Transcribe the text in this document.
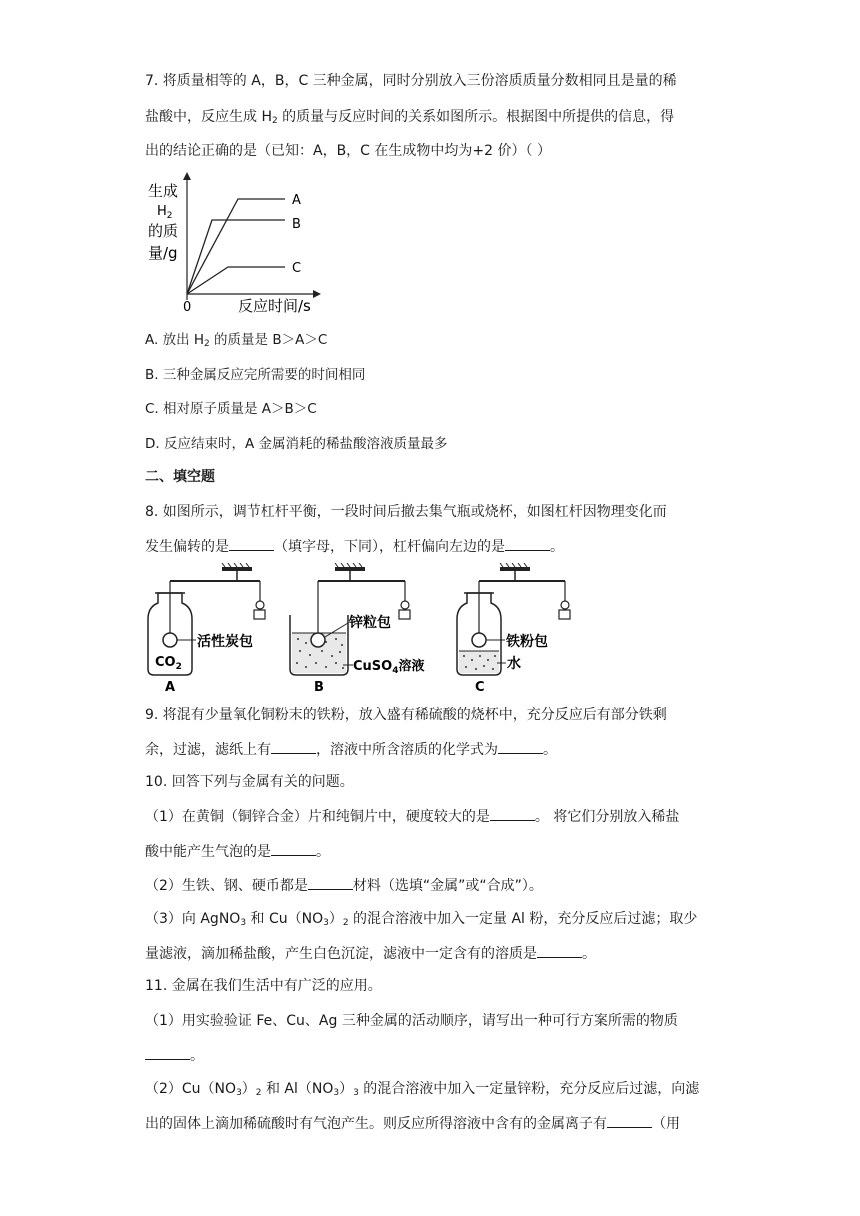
7. 将质量相等的 A，B，C 三种金属，同时分别放入三份溶质质量分数相同且是量的稀
盐酸中，反应生成 $H_2$ 的质量与反应时间的关系如图所示。根据图中所提供的信息，得
出的结论正确的是（已知：A，B，C 在生成物中均为+2 价）（ ）
生成
$H_2$
的质
量/g
0	反应时间/s
A
B
C
A. 放出 $H_2$ 的质量是 B＞A＞C
B. 三种金属反应完所需要的时间相同
C. 相对原子质量是 A＞B＞C
D. 反应结束时，A 金属消耗的稀盐酸溶液质量最多
二、填空题
8. 如图所示，调节杠杆平衡，一段时间后撤去集气瓶或烧杯，如图杠杆因物理变化而
发生偏转的是	（填字母，下同），杠杆偏向左边的是	。
活性炭包
$CO_2$
A
锌粒包
CuSO$_4$溶液
B
铁粉包
水
C
9. 将混有少量氧化铜粉末的铁粉，放入盛有稀硫酸的烧杯中，充分反应后有部分铁剩
余，过滤，滤纸上有	，溶液中所含溶质的化学式为	。
10. 回答下列与金属有关的问题。
（1）在黄铜（铜锌合金）片和纯铜片中，硬度较大的是	。 将它们分别放入稀盐
酸中能产生气泡的是	。
（2）生铁、钢、硬币都是	材料（选填“金属”或“合成”）。
（3）向 AgNO$_3$ 和 $Cu(NO_3)_2$ 的混合溶液中加入一定量 Al 粉，充分反应后过滤；取少
量滤液，滴加稀盐酸，产生白色沉淀，滤液中一定含有的溶质是	。
11. 金属在我们生活中有广泛的应用。
（1）用实验验证 Fe、Cu、Ag 三种金属的活动顺序，请写出一种可行方案所需的物质
。
$(2)Cu(NO_3)_2$ 和 $Al(NO_3)_3$ 的混合溶液中加入一定量锌粉，充分反应后过滤，向滤
出的固体上滴加稀硫酸时有气泡产生。则反应所得溶液中含有的金属离子有	（用
